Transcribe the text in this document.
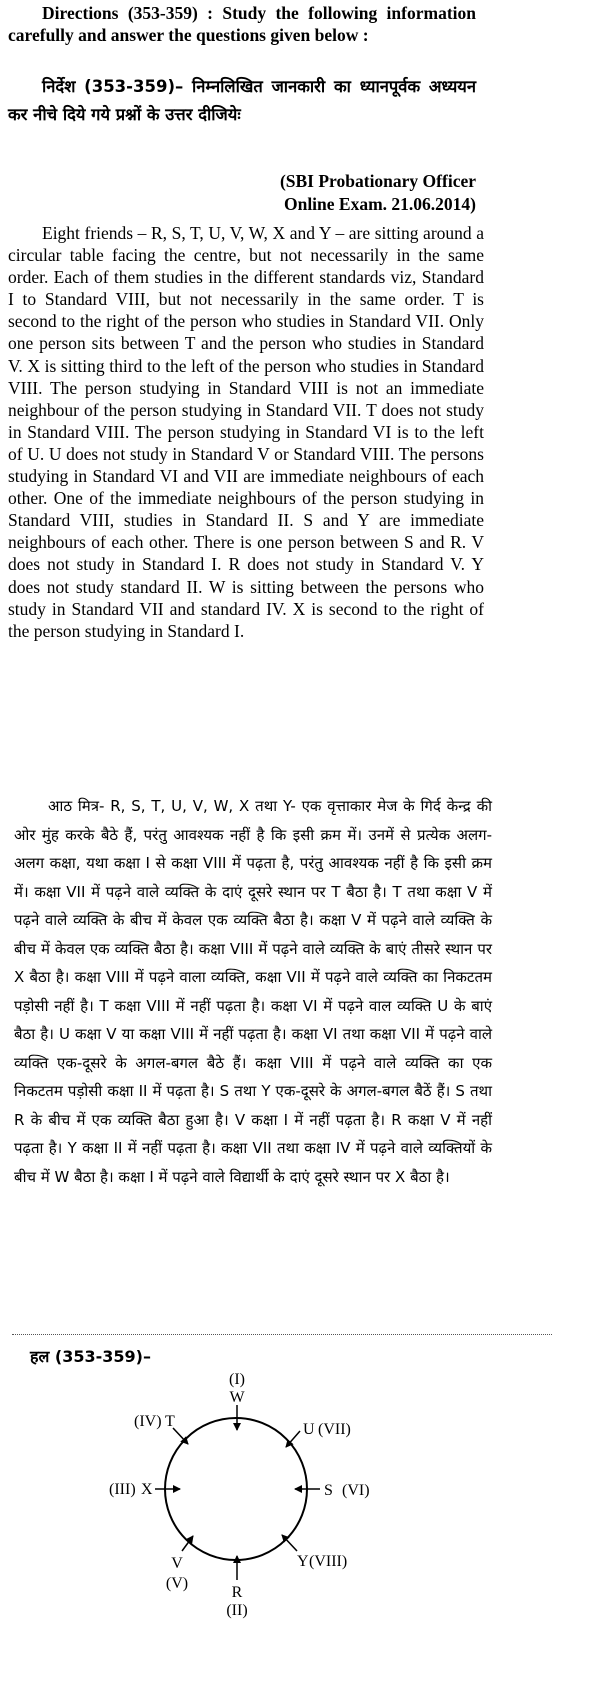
Directions (353-359) : Study the following information carefully and answer the questions given below :
निर्देश (353-359)– निम्नलिखित जानकारी का ध्यानपूर्वक अध्ययन कर नीचे दिये गये प्रश्नों के उत्तर दीजियेः
(SBI Probationary Officer
Online Exam. 21.06.2014)
Eight friends – R, S, T, U, V, W, X and Y – are sitting around a circular table facing the centre, but not necessarily in the same order. Each of them studies in the different standards viz, Standard I to Standard VIII, but not necessarily in the same order. T is second to the right of the person who studies in Standard VII. Only one person sits between T and the person who studies in Standard V. X is sitting third to the left of the person who studies in Standard VIII. The person studying in Standard VIII is not an immediate neighbour of the person studying in Standard VII. T does not study in Standard VIII. The person studying in Standard VI is to the left of U. U does not study in Standard V or Standard VIII. The persons studying in Standard VI and VII are immediate neighbours of each other. One of the immediate neighbours of the person studying in Standard VIII, studies in Standard II. S and Y are immediate neighbours of each other. There is one person between S and R. V does not study in Standard I. R does not study in Standard V. Y does not study standard II. W is sitting between the persons who study in Standard VII and standard IV. X is second to the right of the person studying in Standard I.
आठ मित्र- R, S, T, U, V, W, X तथा Y- एक वृत्ताकार मेज के गिर्द केन्द्र की ओर मुंह करके बैठे हैं, परंतु आवश्यक नहीं है कि इसी क्रम में। उनमें से प्रत्येक अलग-अलग कक्षा, यथा कक्षा I से कक्षा VIII में पढ़ता है, परंतु आवश्यक नहीं है कि इसी क्रम में। कक्षा VII में पढ़ने वाले व्यक्ति के दाएं दूसरे स्थान पर T बैठा है। T तथा कक्षा V में पढ़ने वाले व्यक्ति के बीच में केवल एक व्यक्ति बैठा है। कक्षा V में पढ़ने वाले व्यक्ति के बीच में केवल एक व्यक्ति बैठा है। कक्षा VIII में पढ़ने वाले व्यक्ति के बाएं तीसरे स्थान पर X बैठा है। कक्षा VIII में पढ़ने वाला व्यक्ति, कक्षा VII में पढ़ने वाले व्यक्ति का निकटतम पड़ोसी नहीं है। T कक्षा VIII में नहीं पढ़ता है। कक्षा VI में पढ़ने वाल व्यक्ति U के बाएं बैठा है। U कक्षा V या कक्षा VIII में नहीं पढ़ता है। कक्षा VI तथा कक्षा VII में पढ़ने वाले व्यक्ति एक-दूसरे के अगल-बगल बैठे हैं। कक्षा VIII में पढ़ने वाले व्यक्ति का एक निकटतम पड़ोसी कक्षा II में पढ़ता है। S तथा Y एक-दूसरे के अगल-बगल बैठें हैं। S तथा R के बीच में एक व्यक्ति बैठा हुआ है। V कक्षा I में नहीं पढ़ता है। R कक्षा V में नहीं पढ़ता है। Y कक्षा II में नहीं पढ़ता है। कक्षा VII तथा कक्षा IV में पढ़ने वाले व्यक्तियों के बीच में W बैठा है। कक्षा I में पढ़ने वाले विद्यार्थी के दाएं दूसरे स्थान पर X बैठा है।
हल (353-359)–
(I)
W
U (VII)
S (VI)
Y (VIII)
R
(II)
V
(V)
(III) X
(IV) T
